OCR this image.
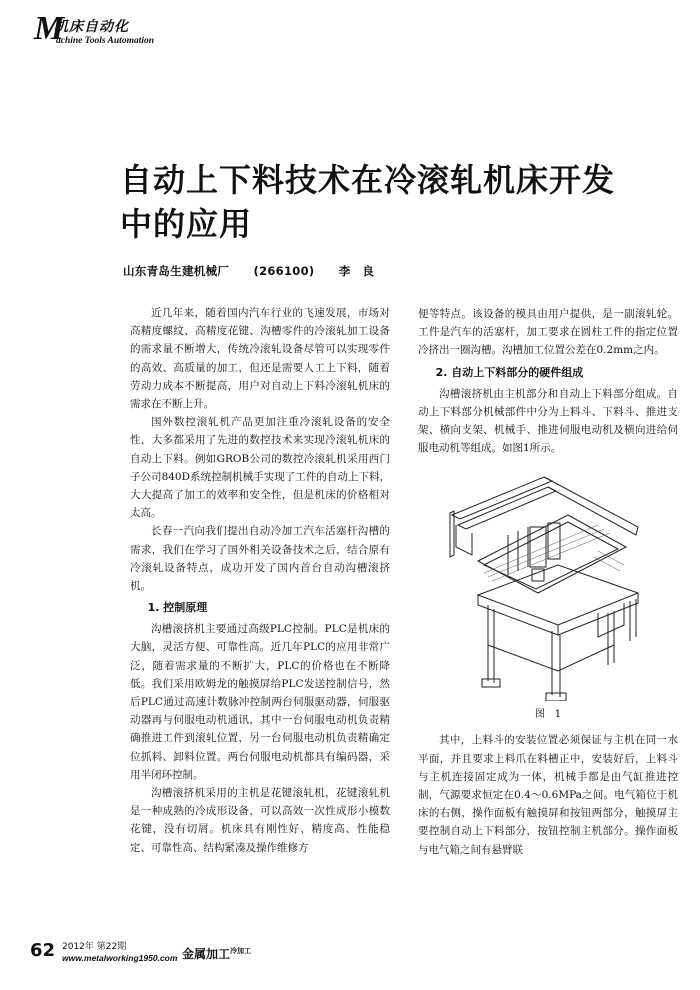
M
机床自动化
achine Tools Automation
自动上下料技术在冷滚轧机床开发中的应用
山东青岛生建机械厂 (266100) 李　良

近几年来，随着国内汽车行业的飞速发展，市场对高精度螺纹、高精度花键、沟槽零件的冷滚轧加工设备的需求量不断增大，传统冷滚轧设备尽管可以实现零件的高效、高质量的加工，但还是需要人工上下料，随着劳动力成本不断提高，用户对自动上下料冷滚轧机床的需求在不断上升。

国外数控滚轧机产品更加注重冷滚轧设备的安全性，大多都采用了先进的数控技术来实现冷滚轧机床的自动上下料。例如GROB公司的数控冷滚轧机采用西门子公司840D系统控制机械手实现了工件的自动上下料，大大提高了加工的效率和安全性，但是机床的价格相对太高。

长春一汽向我们提出自动冷加工汽车活塞杆沟槽的需求，我们在学习了国外相关设备技术之后，结合原有冷滚轧设备特点，成功开发了国内首台自动沟槽滚挤机。

1. 控制原理

沟槽滚挤机主要通过高级PLC控制。PLC是机床的大脑，灵活方便、可靠性高。近几年PLC的应用非常广泛，随着需求量的不断扩大，PLC的价格也在不断降低。我们采用欧姆龙的触摸屏给PLC发送控制信号，然后PLC通过高速计数脉冲控制两台伺服驱动器，伺服驱动器再与伺服电动机通讯，其中一台伺服电动机负责精确推进工件到滚轧位置，另一台伺服电动机负责精确定位抓料、卸料位置。两台伺服电动机都具有编码器，采用半闭环控制。

沟槽滚挤机采用的主机是花键滚轧机，花键滚轧机是一种成熟的冷成形设备，可以高效一次性成形小模数花键，没有切屑。机床具有刚性好、精度高、性能稳定、可靠性高、结构紧凑及操作维修方

便等特点。该设备的模具由用户提供，是一副滚轧轮。工件是汽车的活塞杆，加工要求在圆柱工件的指定位置冷挤出一圈沟槽。沟槽加工位置公差在0.2mm之内。

2. 自动上下料部分的硬件组成

沟槽滚挤机由主机部分和自动上下料部分组成。自动上下料部分机械部件中分为上料斗、下料斗、推进支架、横向支架、机械手、推进伺服电动机及横向进给伺服电动机等组成。如图1所示。

图　1

其中，上料斗的安装位置必须保证与主机在同一水平面，并且要求上料爪在料槽正中，安装好后，上料斗与主机连接固定成为一体，机械手都是由气缸推进控制，气源要求恒定在0.4～0.6MPa之间。电气箱位于机床的右侧，操作面板有触摸屏和按钮两部分，触摸屏主要控制自动上下料部分，按钮控制主机部分。操作面板与电气箱之间有悬臂联

62 2012年 第22期
www.metalworking1950.com 金属加工$^{冷加工}$
